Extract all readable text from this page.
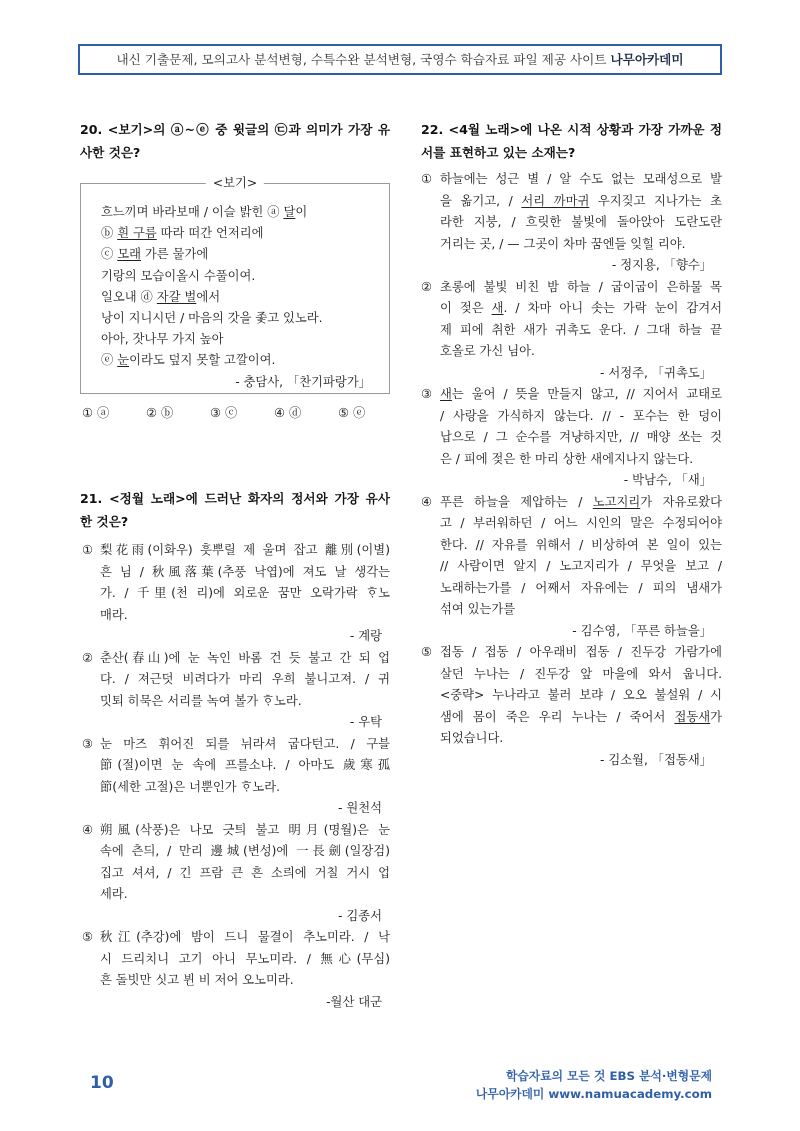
내신 기출문제, 모의고사 분석변형, 수특수완 분석변형, 국영수 학습자료 파일 제공 사이트 나무아카데미
20. <보기>의 ⓐ~ⓔ 중 윗글의 ㉢과 의미가 가장 유
사한 것은?
<보기>
흐느끼며 바라보매 / 이슬 밝힌 ⓐ 달이
ⓑ 흰 구름 따라 떠간 언저리에
ⓒ 모래 가른 물가에
기랑의 모습이올시 수풀이여.
일오내 ⓓ 자갈 벌에서
낭이 지니시던 / 마음의 갓을 좇고 있노라.
아아, 잣나무 가지 높아
ⓔ 눈이라도 덮지 못할 고깔이여.
- 충담사, 「찬기파랑가」
① ⓐ	② ⓑ	③ ⓒ	④ ⓓ	⑤ ⓔ
21. <정월 노래>에 드러난 화자의 정서와 가장 유사
한 것은?
① 梨花雨(이화우) 흣뿌릴 제 울며 잡고 離別(이별)
흔 님 / 秋風落葉(추풍 낙엽)에 져도 날 생각는
가. / 千里(천 리)에 외로운 꿈만 오락가락 ᄒᆞ노
매라.
- 계랑
② 춘산(春山)에 눈 녹인 바롬 건 듯 불고 간 되 업
다. / 져근덧 비려다가 마리 우희 불니고져. / 귀
밋퇴 히묵은 서리를 녹여 볼가 ᄒᆞ노라.
- 우탁
③ 눈 마즈 휘어진 되를 뉘라셔 굽다턴고. / 구블
節(절)이면 눈 속에 프를소냐. / 아마도 歲寒孤
節(세한 고절)은 너뿐인가 ᄒᆞ노라.
- 원천석
④ 朔風(삭풍)은 나모 긋틔 불고 明月(명월)은 눈
속에 츤듸, / 만리 邊城(변성)에 一長劍(일장검)
집고 셔셔, / 긴 프람 큰 흔 소릐에 거칠 거시 업
세라.
- 김종서
⑤ 秋江(추강)에 밤이 드니 물결이 추노미라. / 낙
시 드리치니 고기 아니 무노미라. / 無心(무심)
흔 돌빗만 싯고 뷘 비 저어 오노미라.
-월산 대군
22. <4월 노래>에 나온 시적 상황과 가장 가까운 정
서를 표현하고 있는 소재는?
① 하늘에는 성근 별 / 알 수도 없는 모래성으로 발
을 옮기고, / 서리 까마귀 우지짖고 지나가는 초
라한 지붕, / 흐릿한 불빛에 돌아앉아 도란도란
거리는 곳, / — 그곳이 차마 꿈엔들 잊힐 리야.
- 정지용, 「향수」
② 초롱에 불빛 비친 밤 하늘 / 굽이굽이 은하물 목
이 젖은 새. / 차마 아니 솟는 가락 눈이 감겨서
제 피에 취한 새가 귀촉도 운다. / 그대 하늘 끝
호올로 가신 님아.
- 서정주, 「귀촉도」
③ 새는 울어 / 뜻을 만들지 않고, // 지어서 교태로
/ 사랑을 가식하지 않는다. // - 포수는 한 덩이
납으로 / 그 순수를 겨냥하지만, // 매양 쏘는 것
은 / 피에 젖은 한 마리 상한 새에지나지 않는다.
- 박남수, 「새」
④ 푸른 하늘을 제압하는 / 노고지리가 자유로왔다
고 / 부러워하던 / 어느 시인의 말은 수정되어야
한다. // 자유를 위해서 / 비상하여 본 일이 있는
// 사람이면 알지 / 노고지리가 / 무엇을 보고 /
노래하는가를 / 어째서 자유에는 / 피의 냄새가
섞여 있는가를
- 김수영, 「푸른 하늘을」
⑤ 접동 / 접동 / 아우래비 접동 / 진두강 가람가에
살던 누나는 / 진두강 앞 마을에 와서 웁니다.
<중략> 누나라고 불러 보랴 / 오오 불설워 / 시
샘에 몸이 죽은 우리 누나는 / 죽어서 접동새가
되었습니다.
- 김소월, 「접동새」
10	학습자료의 모든 것 EBS 분석·변형문제
나무아카데미 www.namuacademy.com
